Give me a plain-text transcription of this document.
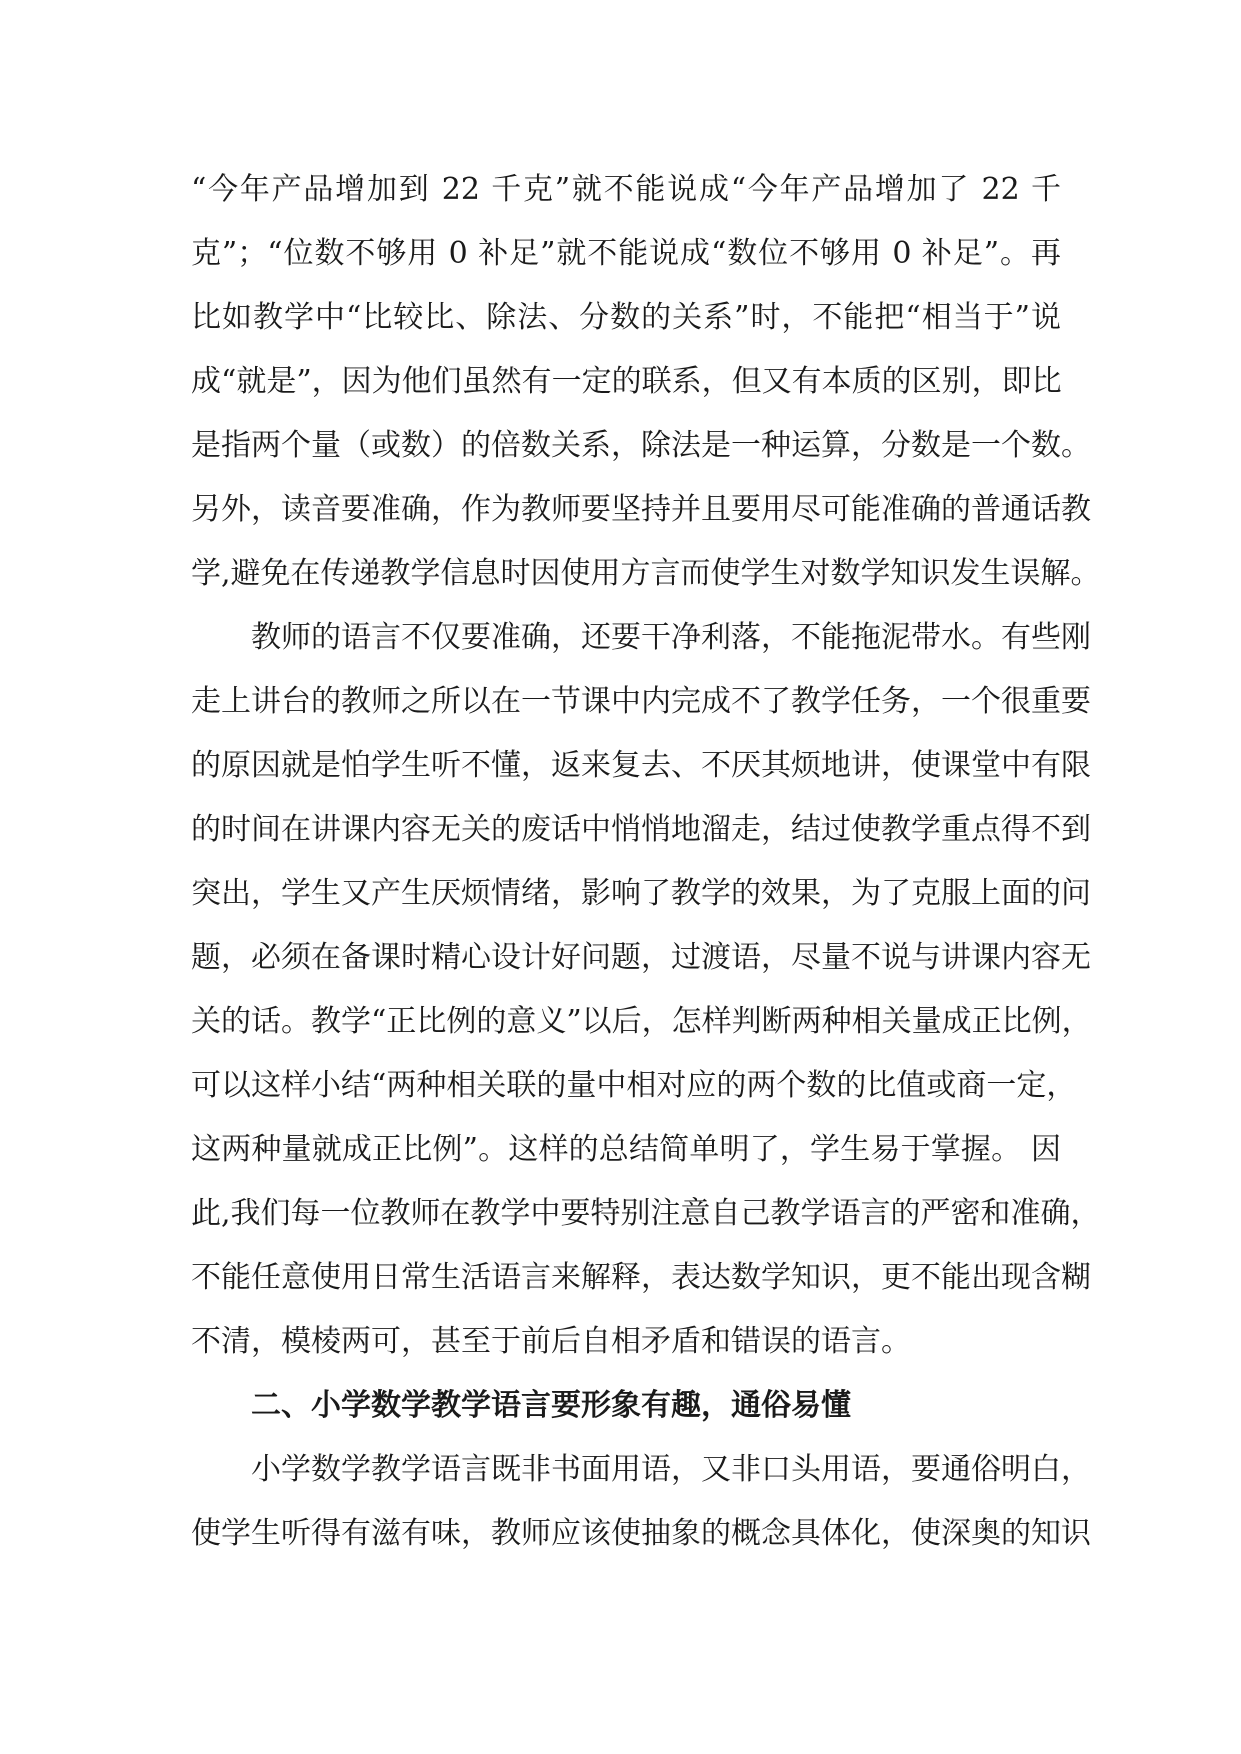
“今年产品增加到 22 千克”就不能说成“今年产品增加了 22 千

克”；“位数不够用 0 补足”就不能说成“数位不够用 0 补足”。再

比如教学中“比较比、除法、分数的关系”时，不能把“相当于”说

成“就是”，因为他们虽然有一定的联系，但又有本质的区别，即比

是指两个量（或数）的倍数关系，除法是一种运算，分数是一个数。

另外，读音要准确，作为教师要坚持并且要用尽可能准确的普通话教

学,避免在传递教学信息时因使用方言而使学生对数学知识发生误解。

教师的语言不仅要准确，还要干净利落，不能拖泥带水。有些刚

走上讲台的教师之所以在一节课中内完成不了教学任务，一个很重要

的原因就是怕学生听不懂，返来复去、不厌其烦地讲，使课堂中有限

的时间在讲课内容无关的废话中悄悄地溜走，结过使教学重点得不到

突出，学生又产生厌烦情绪，影响了教学的效果，为了克服上面的问

题，必须在备课时精心设计好问题，过渡语，尽量不说与讲课内容无

关的话。教学“正比例的意义”以后，怎样判断两种相关量成正比例，

可以这样小结“两种相关联的量中相对应的两个数的比值或商一定，

这两种量就成正比例”。这样的总结简单明了，学生易于掌握。 因

此,我们每一位教师在教学中要特别注意自己教学语言的严密和准确，

不能任意使用日常生活语言来解释，表达数学知识，更不能出现含糊

不清，模棱两可，甚至于前后自相矛盾和错误的语言。

二、小学数学教学语言要形象有趣，通俗易懂

小学数学教学语言既非书面用语，又非口头用语，要通俗明白，

使学生听得有滋有味，教师应该使抽象的概念具体化，使深奥的知识
